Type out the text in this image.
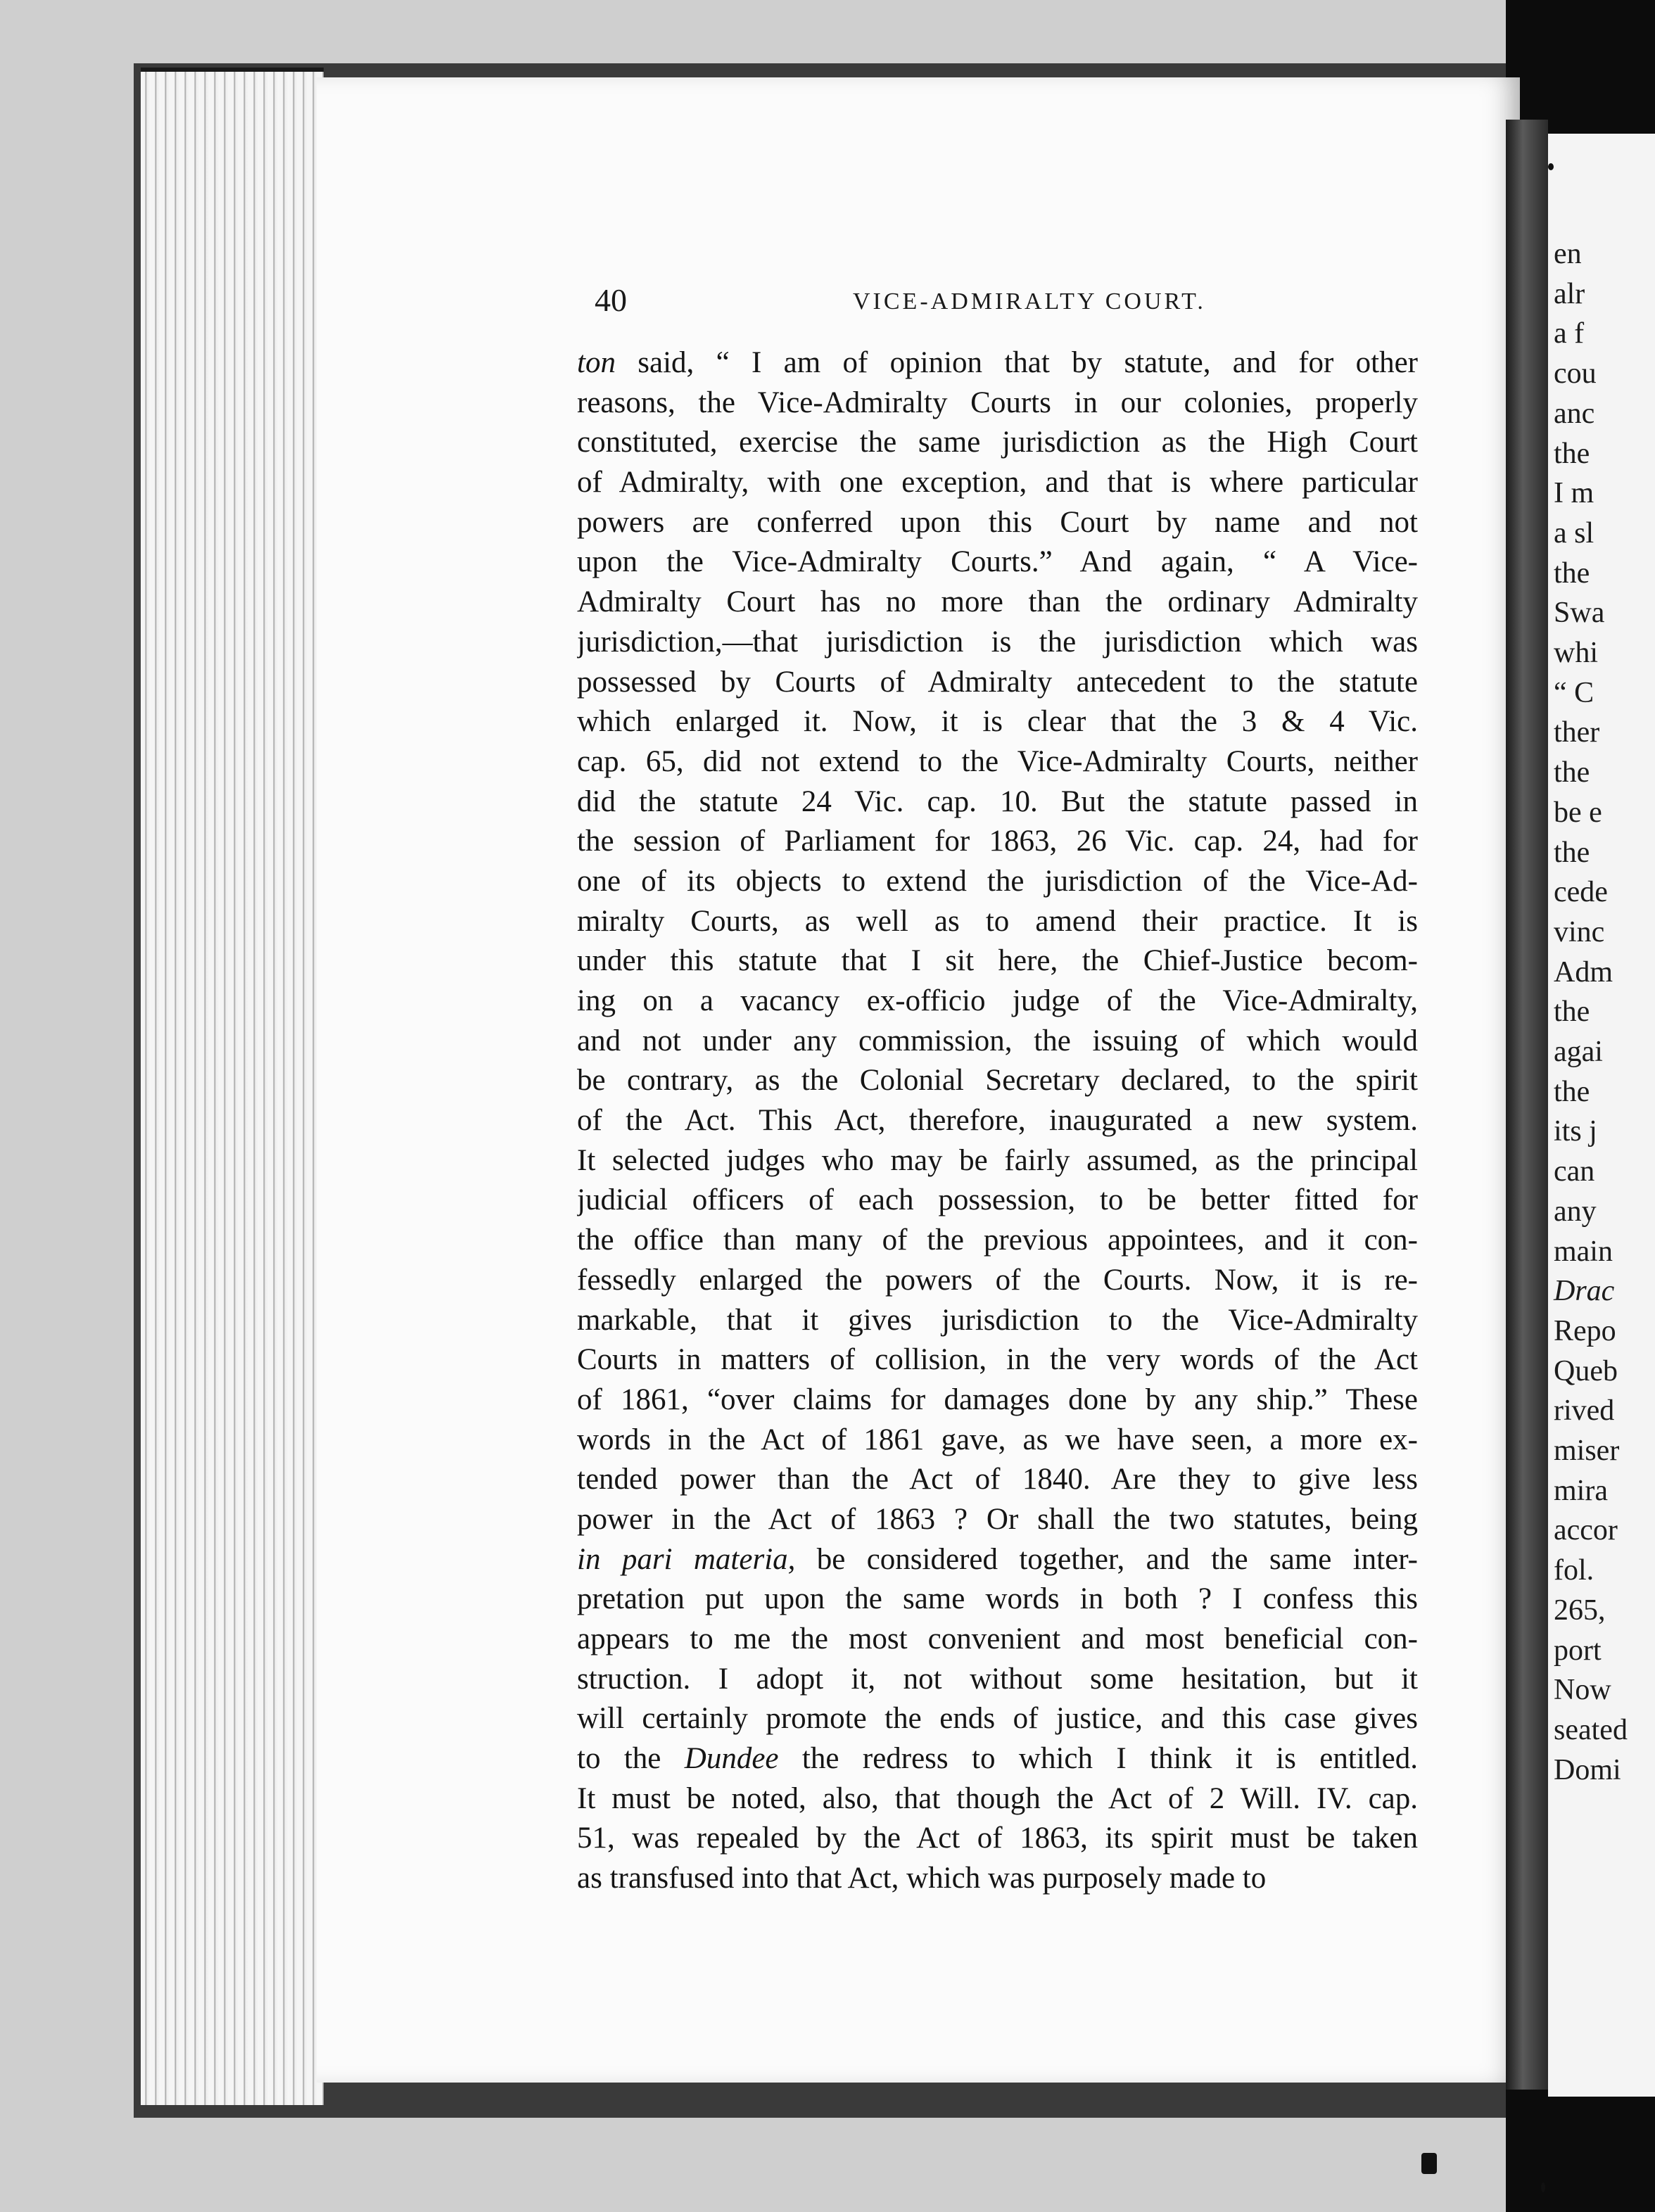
en
alr
a f
cou
anc
the
I m
a sl
the
Swa
whi
“ C
ther
the
be e
the
cede
vinc
Adm
the
agai
the
its j
can
any
main
Drac
Repo
Queb
rived
miser
mira
accor
fol.
265,
port
Now
seated
Domi
40	VICE-ADMIRALTY COURT.
ton said, “ I am of opinion that by statute, and for other
reasons, the Vice-Admiralty Courts in our colonies, properly
constituted, exercise the same jurisdiction as the High Court
of Admiralty, with one exception, and that is where particular
powers are conferred upon this Court by name and not
upon the Vice-Admiralty Courts.” And again, “ A Vice-
Admiralty Court has no more than the ordinary Admiralty
jurisdiction,—that jurisdiction is the jurisdiction which was
possessed by Courts of Admiralty antecedent to the statute
which enlarged it. Now, it is clear that the 3 & 4 Vic.
cap. 65, did not extend to the Vice-Admiralty Courts, neither
did the statute 24 Vic. cap. 10. But the statute passed in
the session of Parliament for 1863, 26 Vic. cap. 24, had for
one of its objects to extend the jurisdiction of the Vice-Ad-
miralty Courts, as well as to amend their practice. It is
under this statute that I sit here, the Chief-Justice becom-
ing on a vacancy ex-officio judge of the Vice-Admiralty,
and not under any commission, the issuing of which would
be contrary, as the Colonial Secretary declared, to the spirit
of the Act. This Act, therefore, inaugurated a new system.
It selected judges who may be fairly assumed, as the principal
judicial officers of each possession, to be better fitted for
the office than many of the previous appointees, and it con-
fessedly enlarged the powers of the Courts. Now, it is re-
markable, that it gives jurisdiction to the Vice-Admiralty
Courts in matters of collision, in the very words of the Act
of 1861, “over claims for damages done by any ship.” These
words in the Act of 1861 gave, as we have seen, a more ex-
tended power than the Act of 1840. Are they to give less
power in the Act of 1863 ? Or shall the two statutes, being
in pari materia, be considered together, and the same inter-
pretation put upon the same words in both ? I confess this
appears to me the most convenient and most beneficial con-
struction. I adopt it, not without some hesitation, but it
will certainly promote the ends of justice, and this case gives
to the Dundee the redress to which I think it is entitled.
It must be noted, also, that though the Act of 2 Will. IV. cap.
51, was repealed by the Act of 1863, its spirit must be taken
as transfused into that Act, which was purposely made to
